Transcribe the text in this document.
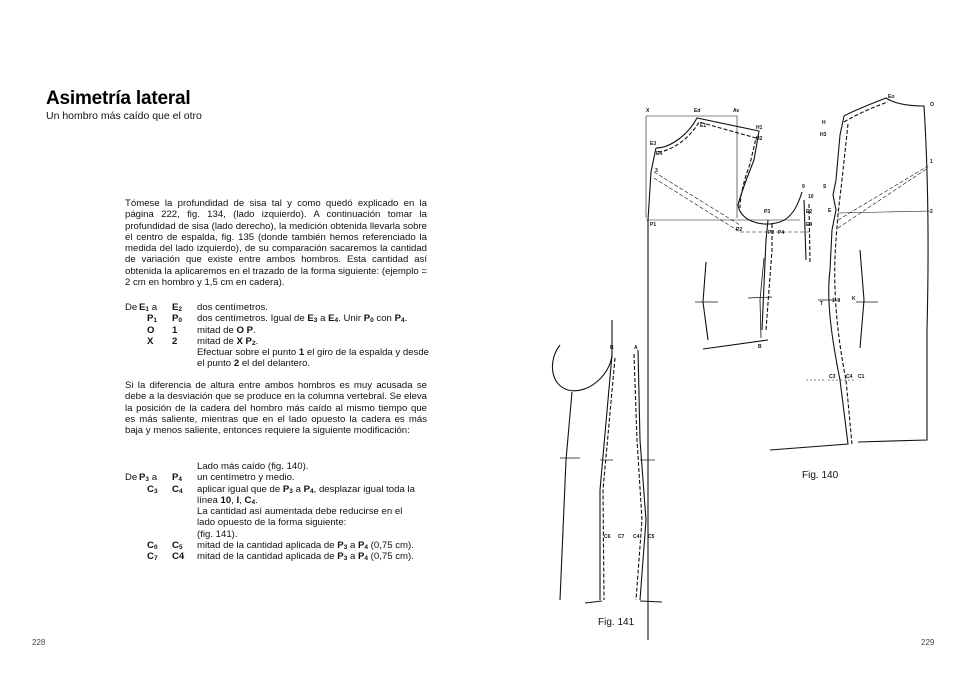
Asimetría lateral
Un hombro más caído que el otro
Tómese la profundidad de sisa tal y como quedó explicado en la página 222, fig. 134, (lado izquierdo). A continuación tomar la profundidad de sisa (lado derecho), la medición obtenida llevarla sobre el centro de espalda, fig. 135 (donde también hemos referenciado la medida del lado izquierdo), de su comparación sacaremos la cantidad de variación que existe entre ambos hombros. Esta cantidad así obtenida la aplicaremos en el trazado de la forma siguiente: (ejemplo = 2 cm en hombro y 1,5 cm en cadera).
De $E_1$ a	$E_2$	dos centímetros.
$P_1$	$P_0$	dos centímetros. Igual de $E_3$ a $E_4$. Unir $P_0$ con $P_4$.
O	1	mitad de O P.
X	2	mitad de X $P_2$.
Efectuar sobre el punto 1 el giro de la espalda y desde
el punto 2 el del delantero.
Si la diferencia de altura entre ambos hombros es muy acusada se debe a la desviación que se produce en la columna vertebral. Se eleva la posición de la cadera del hombro más caído al mismo tiempo que es más saliente, mientras que en el lado opuesto la cadera es más baja y menos saliente, entonces requiere la siguiente modificación:
Lado más caído (fig. 140).
De $P_3$ a	$P_4$	un centímetro y medio.
$C_3$	$C_4$	aplicar igual que de $P_3$ a $P_4$, desplazar igual toda la
línea 10, I, $C_4$.
La cantidad así aumentada debe reducirse en el
lado opuesto de la forma siguiente:
(fig. 141).
$C_0$	$C_5$	mitad de la cantidad aplicada de $P_3$ a $P_4$ (0,75 cm).
$C_7$	C4	mitad de la cantidad aplicada de $P_3$ a $P_4$ (0,75 cm).
228	229
X	Ed	Av
E1	H1
H2
E3
E4
3
9
10
P3
P1
P2	P0 P4
E2
E4
B
Eo
O
H
H3
1
2
S
E
T 1' 3 K
C3 C4 C1
B	A
C6 C7 C4 C5
Fig. 140
Fig. 141
